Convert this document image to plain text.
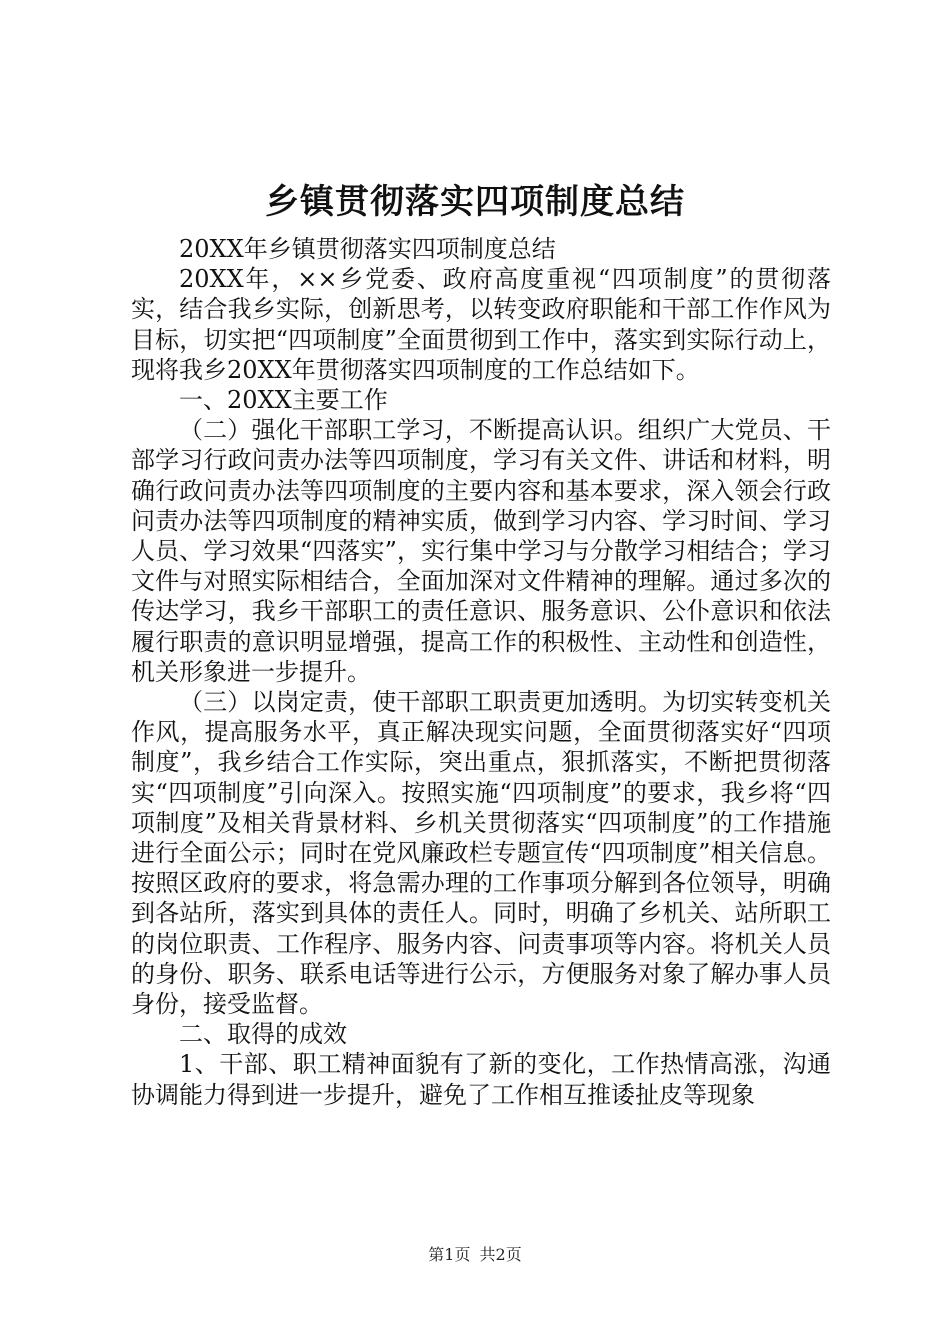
乡镇贯彻落实四项制度总结

20XX年乡镇贯彻落实四项制度总结

20XX年，××乡党委、政府高度重视“四项制度”的贯彻落实，结合我乡实际，创新思考，以转变政府职能和干部工作作风为目标，切实把“四项制度”全面贯彻到工作中，落实到实际行动上，现将我乡20XX年贯彻落实四项制度的工作总结如下。

一、20XX主要工作

（二）强化干部职工学习，不断提高认识。组织广大党员、干部学习行政问责办法等四项制度，学习有关文件、讲话和材料，明确行政问责办法等四项制度的主要内容和基本要求，深入领会行政问责办法等四项制度的精神实质，做到学习内容、学习时间、学习人员、学习效果“四落实”，实行集中学习与分散学习相结合；学习文件与对照实际相结合，全面加深对文件精神的理解。通过多次的传达学习，我乡干部职工的责任意识、服务意识、公仆意识和依法履行职责的意识明显增强，提高工作的积极性、主动性和创造性，机关形象进一步提升。

（三）以岗定责，使干部职工职责更加透明。为切实转变机关作风，提高服务水平，真正解决现实问题，全面贯彻落实好“四项制度”，我乡结合工作实际，突出重点，狠抓落实，不断把贯彻落实“四项制度”引向深入。按照实施“四项制度”的要求，我乡将“四项制度”及相关背景材料、乡机关贯彻落实“四项制度”的工作措施进行全面公示；同时在党风廉政栏专题宣传“四项制度”相关信息。按照区政府的要求，将急需办理的工作事项分解到各位领导，明确到各站所，落实到具体的责任人。同时，明确了乡机关、站所职工的岗位职责、工作程序、服务内容、问责事项等内容。将机关人员的身份、职务、联系电话等进行公示，方便服务对象了解办事人员身份，接受监督。

二、取得的成效

1、干部、职工精神面貌有了新的变化，工作热情高涨，沟通协调能力得到进一步提升，避免了工作相互推诿扯皮等现象

第1页 共2页
